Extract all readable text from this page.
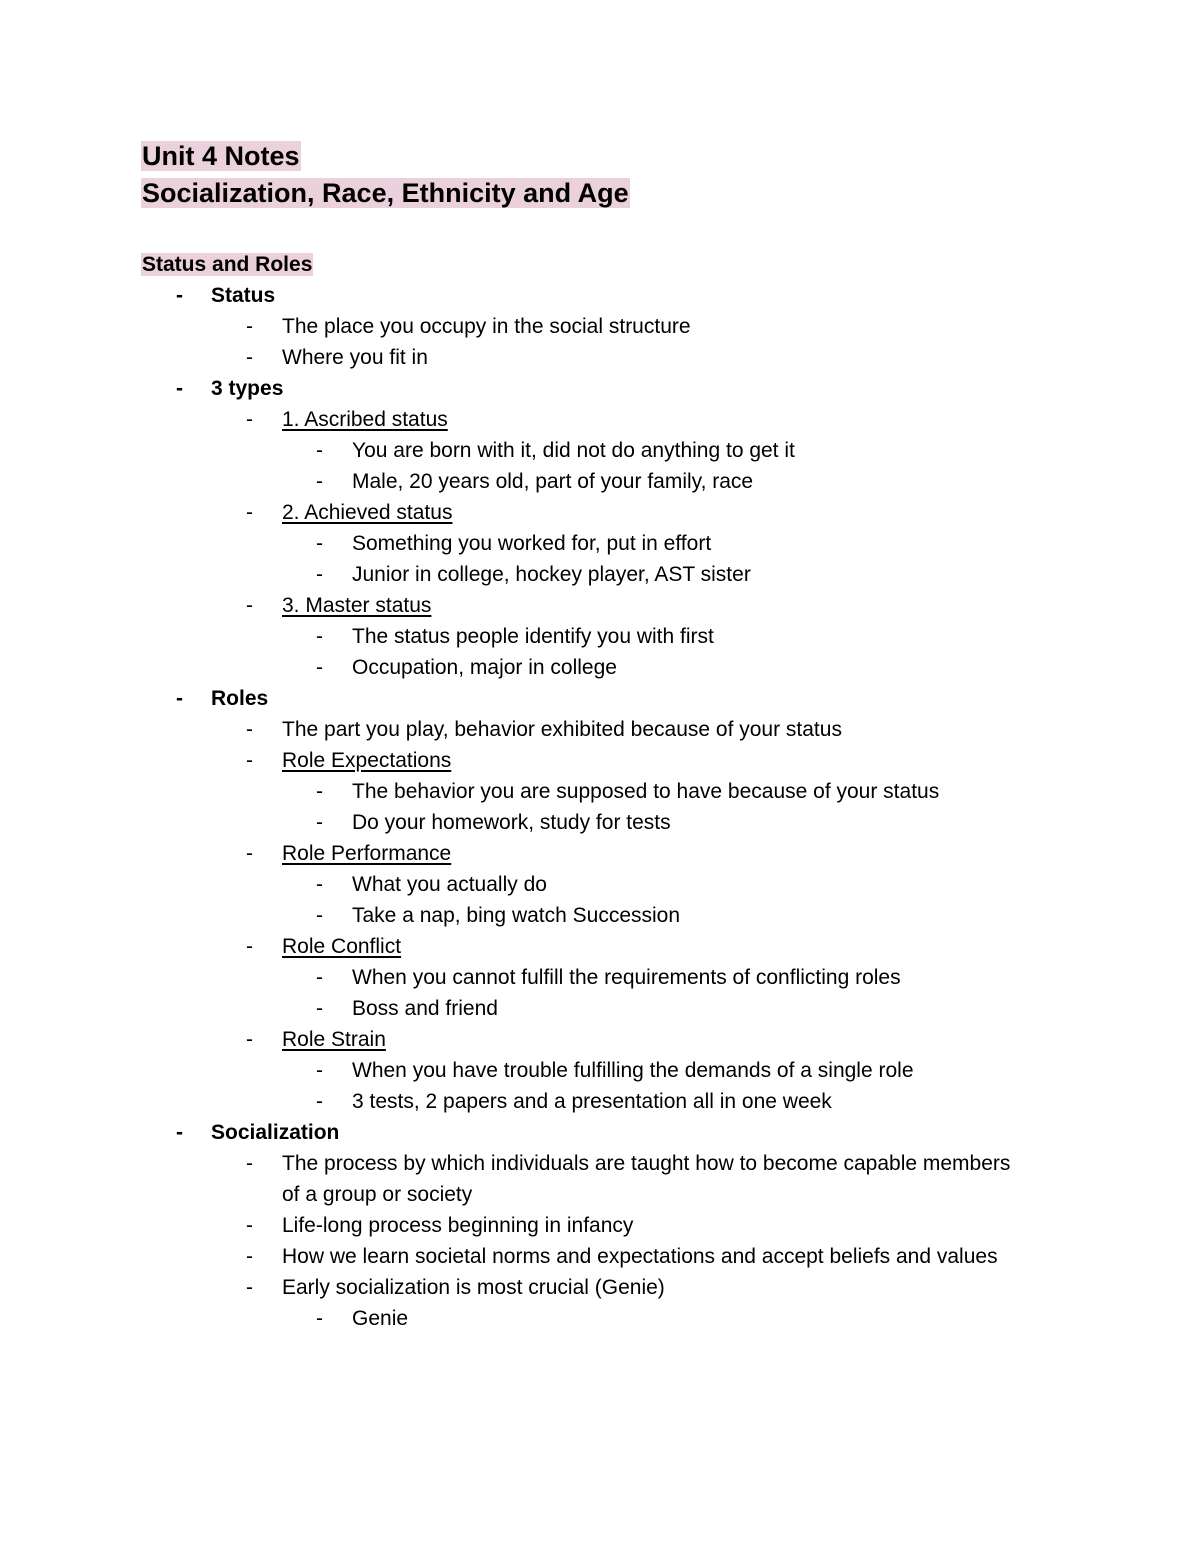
Unit 4 Notes
Socialization, Race, Ethnicity and Age
Status and Roles
-	Status
-	The place you occupy in the social structure
-	Where you fit in
-	3 types
-	1. Ascribed status
-	You are born with it, did not do anything to get it
-	Male, 20 years old, part of your family, race
-	2. Achieved status
-	Something you worked for, put in effort
-	Junior in college, hockey player, AST sister
-	3. Master status
-	The status people identify you with first
-	Occupation, major in college
-	Roles
-	The part you play, behavior exhibited because of your status
-	Role Expectations
-	The behavior you are supposed to have because of your status
-	Do your homework, study for tests
-	Role Performance
-	What you actually do
-	Take a nap, bing watch Succession
-	Role Conflict
-	When you cannot fulfill the requirements of conflicting roles
-	Boss and friend
-	Role Strain
-	When you have trouble fulfilling the demands of a single role
-	3 tests, 2 papers and a presentation all in one week
-	Socialization
-	The process by which individuals are taught how to become capable members of a group or society
-	Life-long process beginning in infancy
-	How we learn societal norms and expectations and accept beliefs and values
-	Early socialization is most crucial (Genie)
-	Genie
